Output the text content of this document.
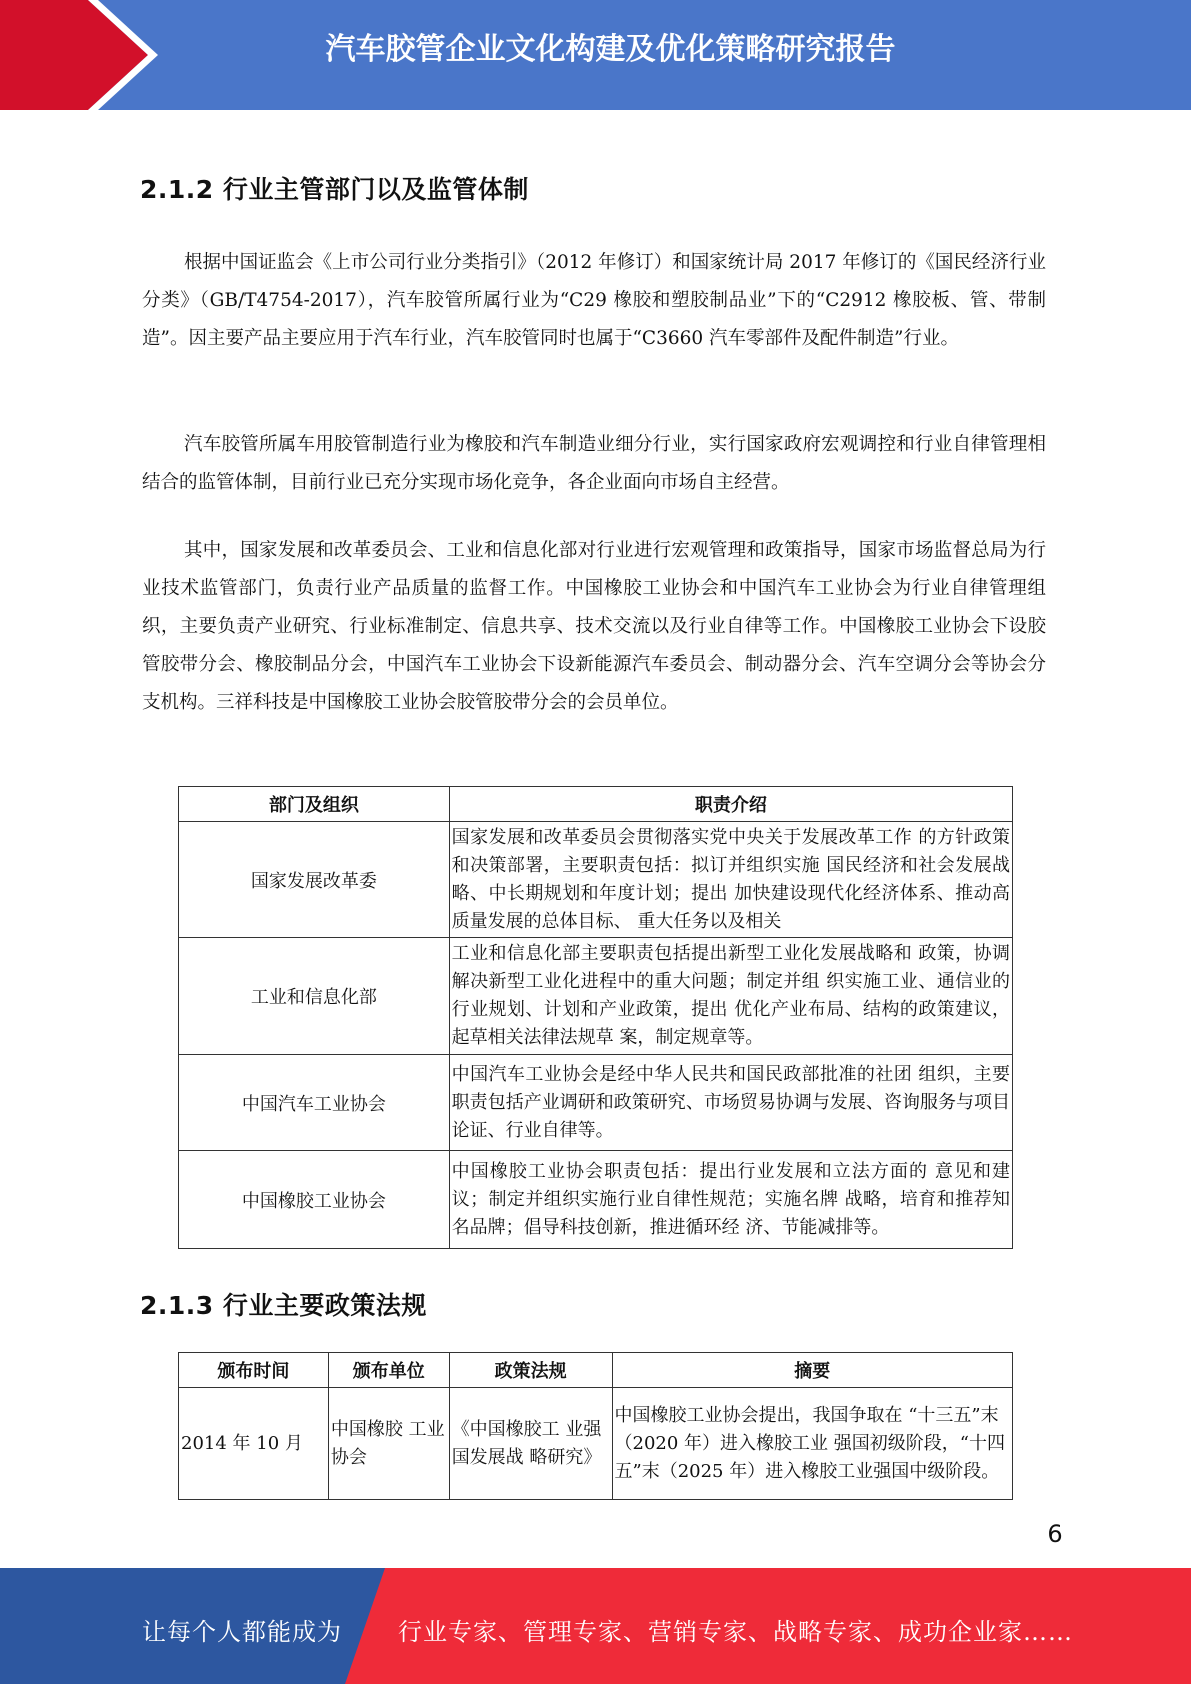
汽车胶管企业文化构建及优化策略研究报告
2.1.2 行业主管部门以及监管体制

根据中国证监会《上市公司行业分类指引》（2012 年修订）和国家统计局 2017 年修订的《国民经济行业分类》（GB/T4754-2017），汽车胶管所属行业为“C29 橡胶和塑胶制品业”下的“C2912 橡胶板、管、带制造”。因主要产品主要应用于汽车行业，汽车胶管同时也属于“C3660 汽车零部件及配件制造”行业。

汽车胶管所属车用胶管制造行业为橡胶和汽车制造业细分行业，实行国家政府宏观调控和行业自律管理相结合的监管体制，目前行业已充分实现市场化竞争，各企业面向市场自主经营。

其中，国家发展和改革委员会、工业和信息化部对行业进行宏观管理和政策指导，国家市场监督总局为行业技术监管部门，负责行业产品质量的监督工作。中国橡胶工业协会和中国汽车工业协会为行业自律管理组织，主要负责产业研究、行业标准制定、信息共享、技术交流以及行业自律等工作。中国橡胶工业协会下设胶管胶带分会、橡胶制品分会，中国汽车工业协会下设新能源汽车委员会、制动器分会、汽车空调分会等协会分支机构。三祥科技是中国橡胶工业协会胶管胶带分会的会员单位。

部门及组织	职责介绍
国家发展改革委	国家发展和改革委员会贯彻落实党中央关于发展改革工作 的方针政策和决策部署，主要职责包括：拟订并组织实施 国民经济和社会发展战略、中长期规划和年度计划；提出 加快建设现代化经济体系、推动高质量发展的总体目标、 重大任务以及相关
工业和信息化部	工业和信息化部主要职责包括提出新型工业化发展战略和 政策，协调解决新型工业化进程中的重大问题；制定并组 织实施工业、通信业的行业规划、计划和产业政策，提出 优化产业布局、结构的政策建议，起草相关法律法规草 案，制定规章等。
中国汽车工业协会	中国汽车工业协会是经中华人民共和国民政部批准的社团 组织，主要职责包括产业调研和政策研究、市场贸易协调与发展、咨询服务与项目论证、行业自律等。
中国橡胶工业协会	中国橡胶工业协会职责包括：提出行业发展和立法方面的 意见和建议；制定并组织实施行业自律性规范；实施名牌 战略，培育和推荐知名品牌；倡导科技创新，推进循环经 济、节能减排等。
2.1.3 行业主要政策法规
颁布时间	颁布单位	政策法规	摘要
2014 年 10 月	中国橡胶 工业协会	《中国橡胶工 业强国发展战 略研究》	中国橡胶工业协会提出，我国争取在 “十三五”末（2020 年）进入橡胶工业 强国初级阶段，“十四五”末（2025 年）进入橡胶工业强国中级阶段。
6
让每个人都能成为 行业专家、管理专家、营销专家、战略专家、成功企业家……
